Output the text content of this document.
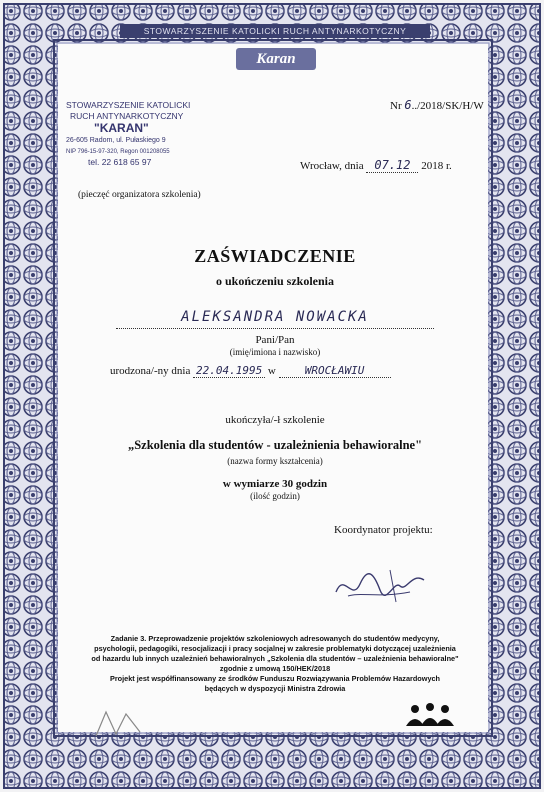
STOWARZYSZENIE KATOLICKI RUCH ANTYNARKOTYCZNY
Karan
STOWARZYSZENIE KATOLICKI
RUCH ANTYNARKOTYCZNY
"KARAN"
26-605 Radom, ul. Pułaskiego 9
NIP 796-15-97-320, Regon 001208055
tel. 22 618 65 97
(pieczęć organizatora szkolenia)
Nr 6../2018/SK/H/W
Wrocław, dnia 07.12 2018 r.
ZAŚWIADCZENIE
o ukończeniu szkolenia
ALEKSANDRA NOWACKA
Pani/Pan
(imię/imiona i nazwisko)
urodzona/-ny dnia 22.04.1995 w	WROCŁAWIU
ukończyła/-ł szkolenie
„Szkolenia dla studentów - uzależnienia behawioralne"
(nazwa formy kształcenia)
w wymiarze 30 godzin
(ilość godzin)
Koordynator projektu:
Zadanie 3. Przeprowadzenie projektów szkoleniowych adresowanych do studentów medycyny,
psychologii, pedagogiki, resocjalizacji i pracy socjalnej w zakresie problematyki dotyczącej uzależnienia
od hazardu lub innych uzależnień behawioralnych „Szkolenia dla studentów – uzależnienia behawioralne"
zgodnie z umową 150/HEK/2018
Projekt jest współfinansowany ze środków Funduszu Rozwiązywania Problemów Hazardowych
będących w dyspozycji Ministra Zdrowia
